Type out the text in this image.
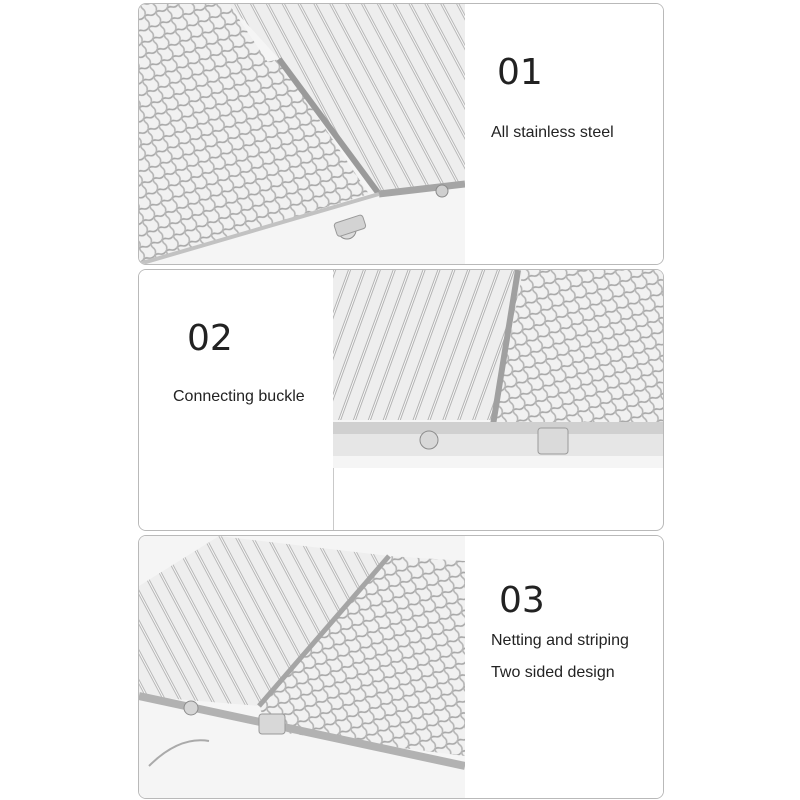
01
All stainless steel
02
Connecting buckle
03
Netting and striping
Two sided design
